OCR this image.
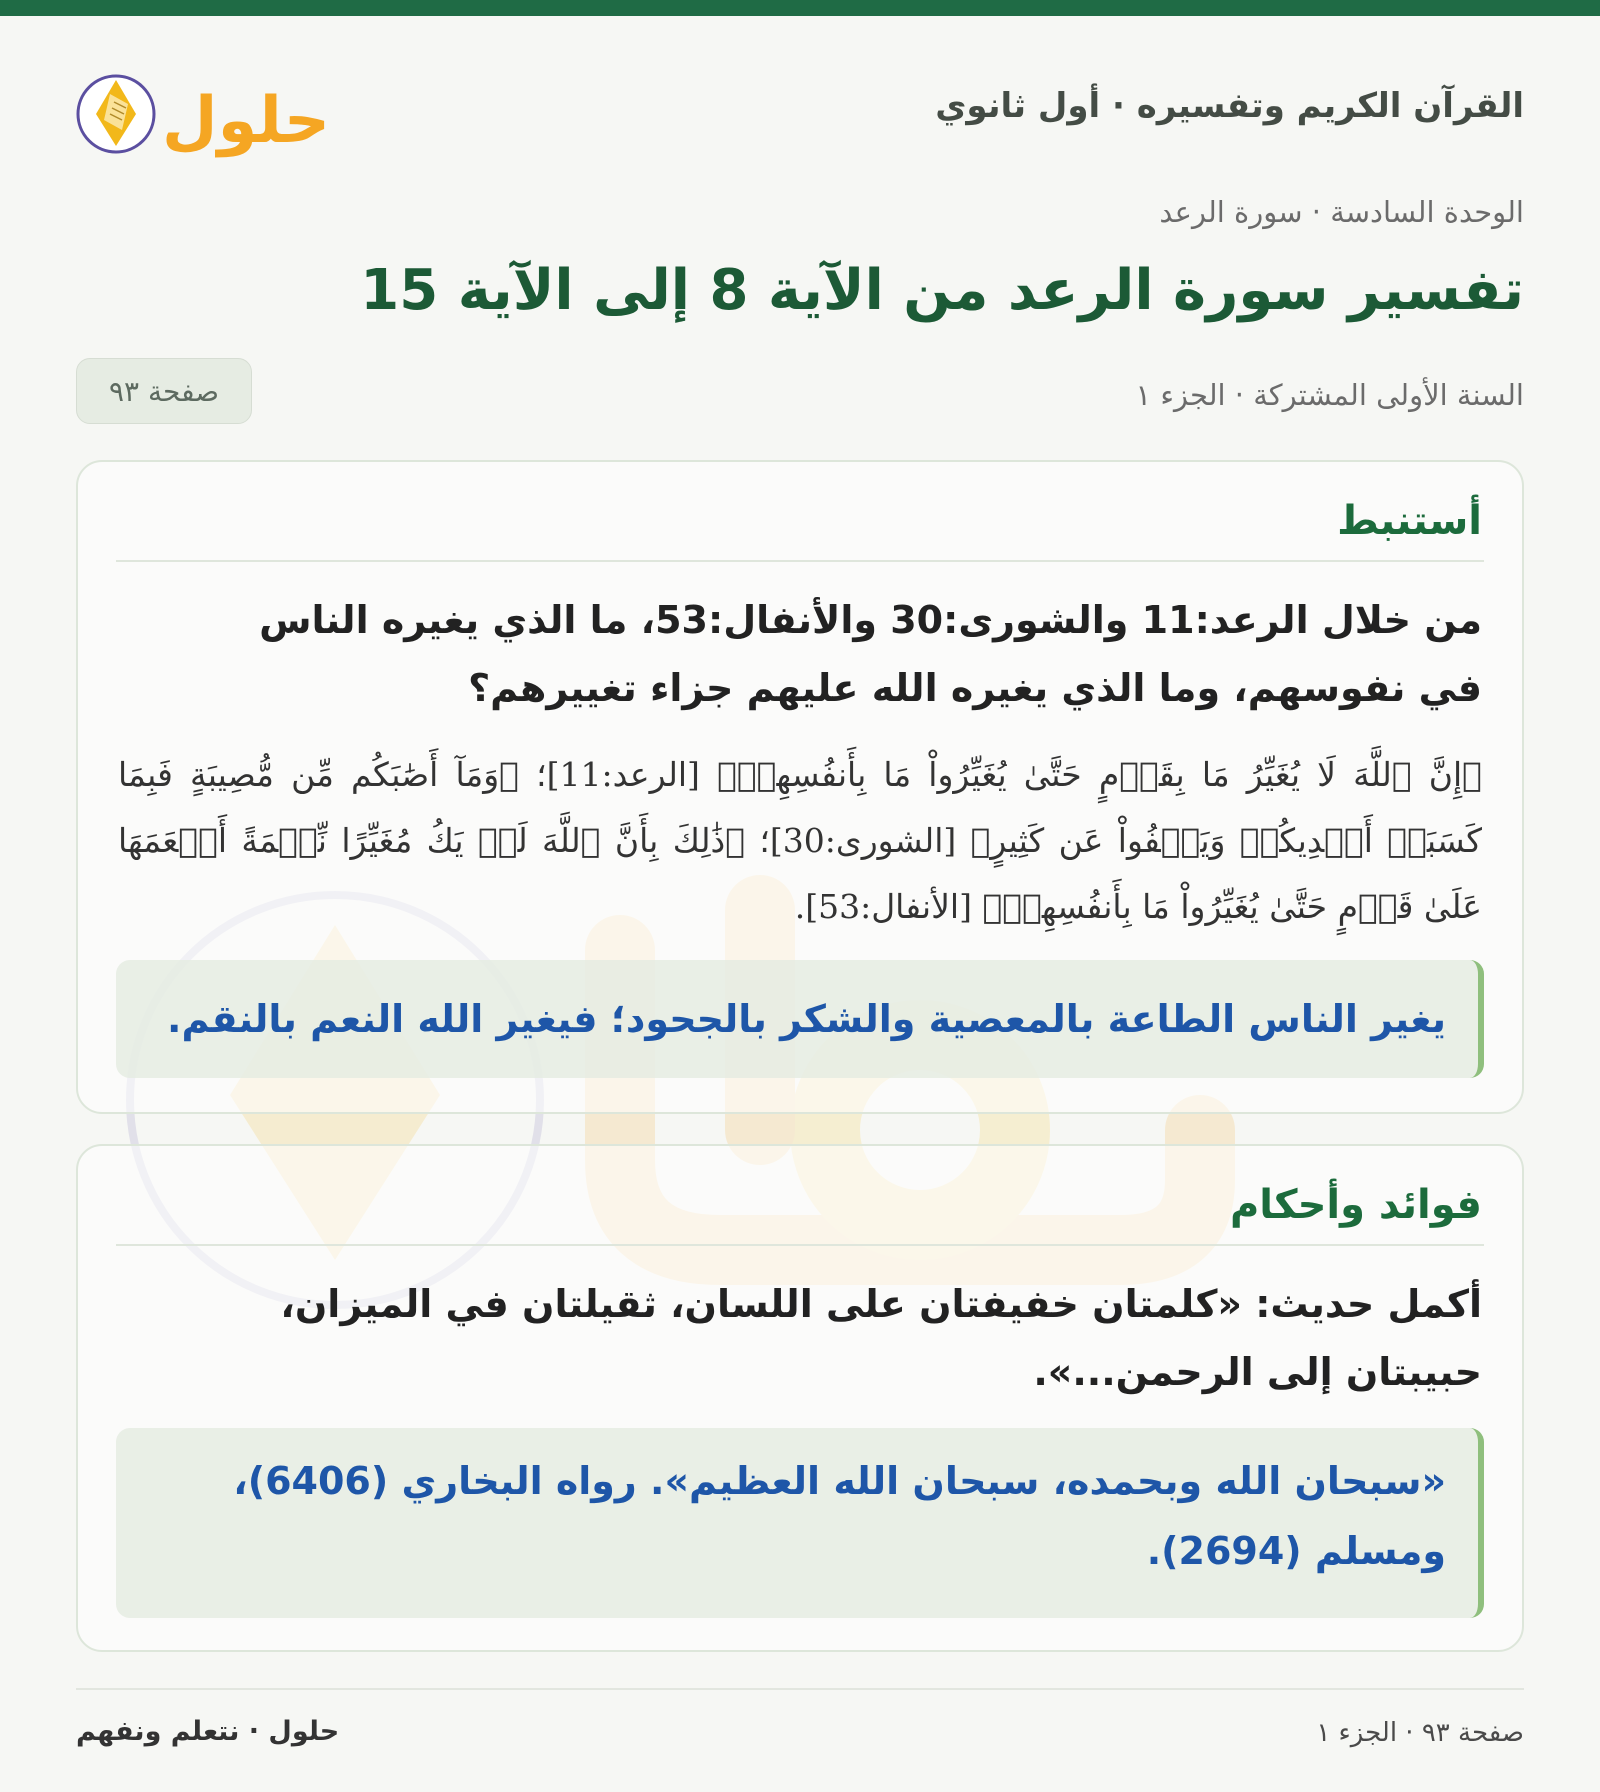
حلول	القرآن الكريم وتفسيره · أول ثانوي
الوحدة السادسة · سورة الرعد
تفسير سورة الرعد من الآية 8 إلى الآية 15
السنة الأولى المشتركة · الجزء ١
صفحة ٩٣
أستنبط

من خلال الرعد:11 والشورى:30 والأنفال:53، ما الذي يغيره الناس في نفوسهم، وما الذي يغيره الله عليهم جزاء تغييرهم؟

﴿إِنَّ ٱللَّهَ لَا يُغَيِّرُ مَا بِقَوۡمٍ حَتَّىٰ يُغَيِّرُواْ مَا بِأَنفُسِهِمۡ﴾ [الرعد:11]؛ ﴿وَمَآ أَصَٰبَكُم مِّن مُّصِيبَةٍ فَبِمَا كَسَبَتۡ أَيۡدِيكُمۡ وَيَعۡفُواْ عَن كَثِيرٍ﴾ [الشورى:30]؛ ﴿ذَٰلِكَ بِأَنَّ ٱللَّهَ لَمۡ يَكُ مُغَيِّرًا نِّعۡمَةً أَنۡعَمَهَا عَلَىٰ قَوۡمٍ حَتَّىٰ يُغَيِّرُواْ مَا بِأَنفُسِهِمۡ﴾ [الأنفال:53].

يغير الناس الطاعة بالمعصية والشكر بالجحود؛ فيغير الله النعم بالنقم.
فوائد وأحكام

أكمل حديث: «كلمتان خفيفتان على اللسان، ثقيلتان في الميزان، حبيبتان إلى الرحمن...».

«سبحان الله وبحمده، سبحان الله العظيم». رواه البخاري (6406)، ومسلم (2694).
صفحة ٩٣ · الجزء ١
حلول · نتعلم ونفهم
